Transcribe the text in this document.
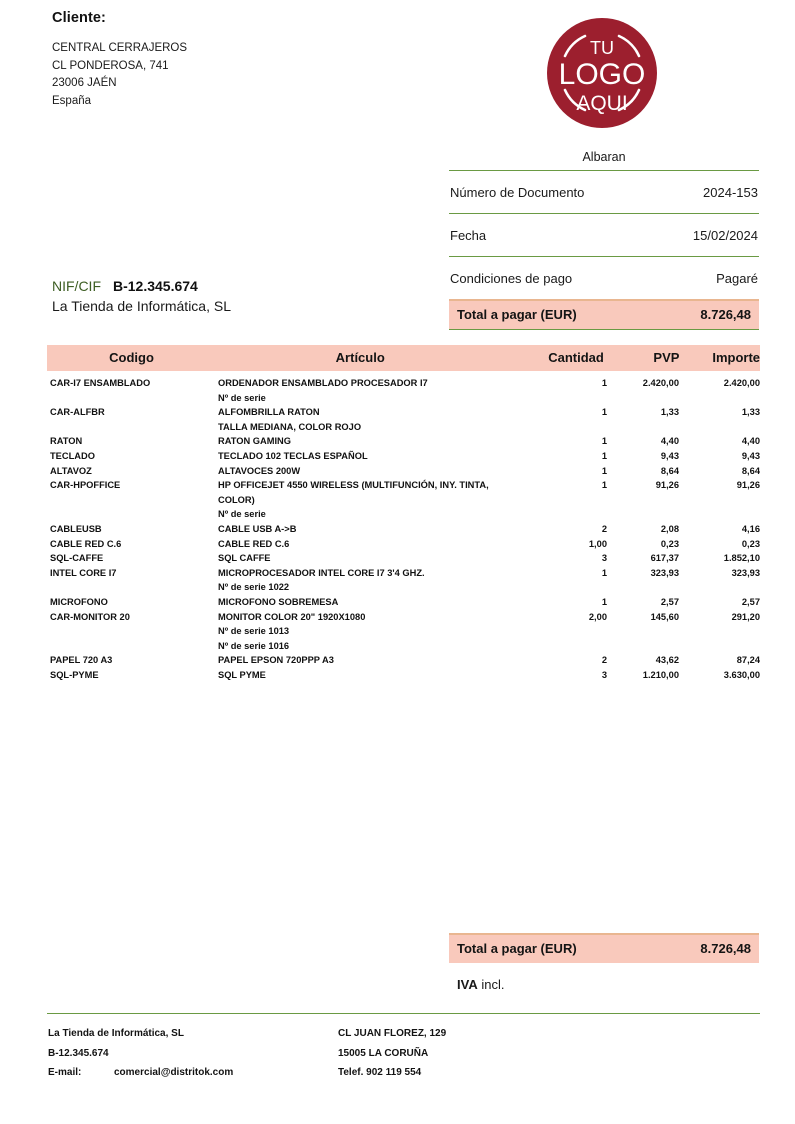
Cliente:
CENTRAL CERRAJEROS
CL PONDEROSA, 741
23006 JAÉN
España
TU
LOGO
AQUI
Albaran
Número de Documento	2024-153
Fecha	15/02/2024
Condiciones de pago	Pagaré
Total a pagar (EUR)	8.726,48
NIF/CIF B-12.345.674
La Tienda de Informática, SL
Codigo	Artículo	Cantidad	PVP	Importe
CAR-I7 ENSAMBLADO	ORDENADOR ENSAMBLADO PROCESADOR I7	1	2.420,00	2.420,00
Nº de serie
CAR-ALFBR	ALFOMBRILLA RATON	1	1,33	1,33
TALLA MEDIANA, COLOR ROJO
RATON	RATON GAMING	1	4,40	4,40
TECLADO	TECLADO 102 TECLAS ESPAÑOL	1	9,43	9,43
ALTAVOZ	ALTAVOCES 200W	1	8,64	8,64
CAR-HPOFFICE	HP OFFICEJET 4550 WIRELESS (MULTIFUNCIÓN, INY. TINTA,	1	91,26	91,26
COLOR)
Nº de serie
CABLEUSB	CABLE USB A->B	2	2,08	4,16
CABLE RED C.6	CABLE RED C.6	1,00	0,23	0,23
SQL-CAFFE	SQL CAFFE	3	617,37	1.852,10
INTEL CORE I7	MICROPROCESADOR INTEL CORE I7 3'4 GHZ.	1	323,93	323,93
Nº de serie 1022
MICROFONO	MICROFONO SOBREMESA	1	2,57	2,57
CAR-MONITOR 20	MONITOR COLOR 20" 1920X1080	2,00	145,60	291,20
Nº de serie 1013
Nº de serie 1016
PAPEL 720 A3	PAPEL EPSON 720PPP A3	2	43,62	87,24
SQL-PYME	SQL PYME	3	1.210,00	3.630,00
Total a pagar (EUR)	8.726,48
IVA incl.
La Tienda de Informática, SL
B-12.345.674
E-mail:	comercial@distritok.com
CL JUAN FLOREZ, 129
15005 LA CORUÑA
Telef. 902 119 554
